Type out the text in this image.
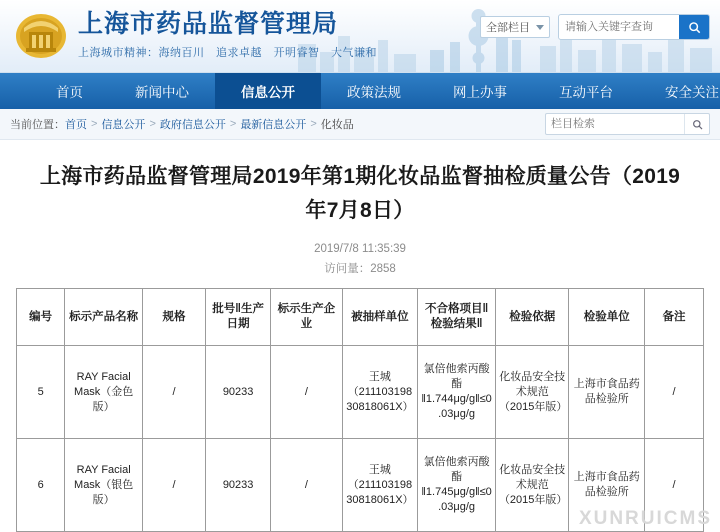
上海市药品监督管理局
上海城市精神：海纳百川　追求卓越　开明睿智　大气谦和
全部栏目
请输入关键字查询
首页	新闻中心	信息公开	政策法规	网上办事	互动平台	安全关注
当前位置： 首页 > 信息公开 > 政府信息公开 > 最新信息公开 > 化妆品
栏目检索
上海市药品监督管理局2019年第1期化妆品监督抽检质量公告（2019年7月8日）
2019/7/8 11:35:39
访问量：2858
编号	标示产品名称	规格	批号‖生产日期	标示生产企业	被抽样单位	不合格项目‖检验结果‖	检验依据	检验单位	备注
5	RAY Facial Mask（金色版）	/	90233	/	王城（21110319830818061X）	氯倍他索丙酸酯‖1.744μg/g‖≤0.03μg/g	化妆品安全技术规范（2015年版）	上海市食品药品检验所	/
6	RAY Facial Mask（银色版）	/	90233	/	王城（21110319830818061X）	氯倍他索丙酸酯‖1.745μg/g‖≤0.03μg/g	化妆品安全技术规范（2015年版）	上海市食品药品检验所	/
XUNRUICMS
